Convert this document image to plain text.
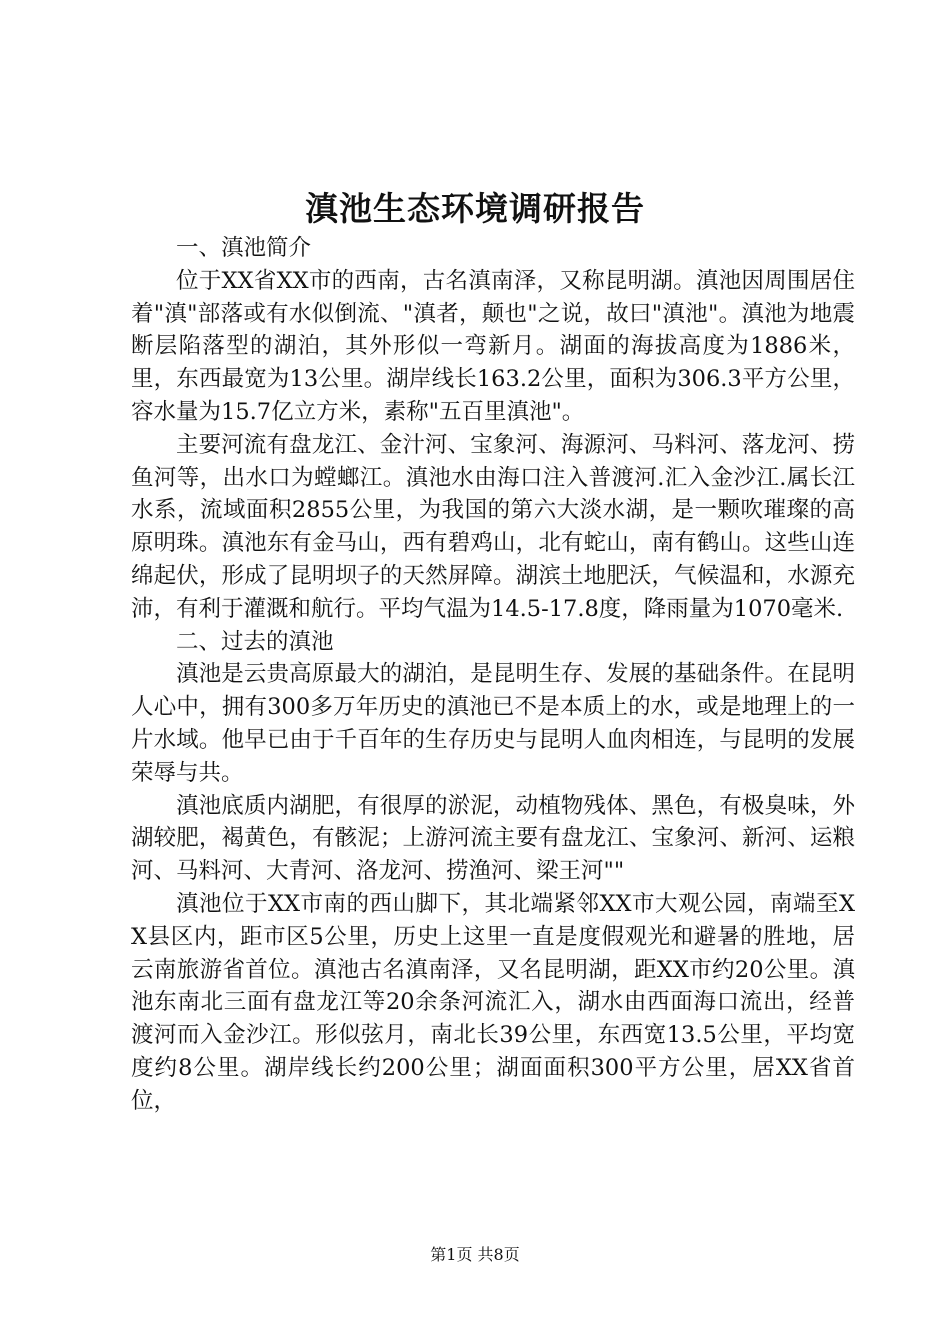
滇池生态环境调研报告
一、滇池简介

位于XX省XX市的西南，古名滇南泽，又称昆明湖。滇池因周围居住着"滇"部落或有水似倒流、"滇者，颠也"之说，故曰"滇池"。滇池为地震断层陷落型的湖泊，其外形似一弯新月。湖面的海拔高度为1886米，里，东西最宽为13公里。湖岸线长163.2公里，面积为306.3平方公里，容水量为15.7亿立方米，素称"五百里滇池"。

主要河流有盘龙江、金汁河、宝象河、海源河、马料河、落龙河、捞鱼河等，出水口为螳螂江。滇池水由海口注入普渡河.汇入金沙江.属长江水系，流域面积2855公里，为我国的第六大淡水湖，是一颗吹璀璨的高原明珠。滇池东有金马山，西有碧鸡山，北有蛇山，南有鹤山。这些山连绵起伏，形成了昆明坝子的天然屏障。湖滨土地肥沃，气候温和，水源充沛，有利于灌溉和航行。平均气温为14.5-17.8度，降雨量为1070毫米.

二、过去的滇池

滇池是云贵高原最大的湖泊，是昆明生存、发展的基础条件。在昆明人心中，拥有300多万年历史的滇池已不是本质上的水，或是地理上的一片水域。他早已由于千百年的生存历史与昆明人血肉相连，与昆明的发展荣辱与共。

滇池底质内湖肥，有很厚的淤泥，动植物残体、黑色，有极臭味，外湖较肥，褐黄色，有骸泥；上游河流主要有盘龙江、宝象河、新河、运粮河、马料河、大青河、洛龙河、捞渔河、梁王河""

滇池位于XX市南的西山脚下，其北端紧邻XX市大观公园，南端至XX县区内，距市区5公里，历史上这里一直是度假观光和避暑的胜地，居云南旅游省首位。滇池古名滇南泽，又名昆明湖，距XX市约20公里。滇池东南北三面有盘龙江等20余条河流汇入，湖水由西面海口流出，经普渡河而入金沙江。形似弦月，南北长39公里，东西宽13.5公里，平均宽度约8公里。湖岸线长约200公里；湖面面积300平方公里，居XX省首位，

第1页 共8页
